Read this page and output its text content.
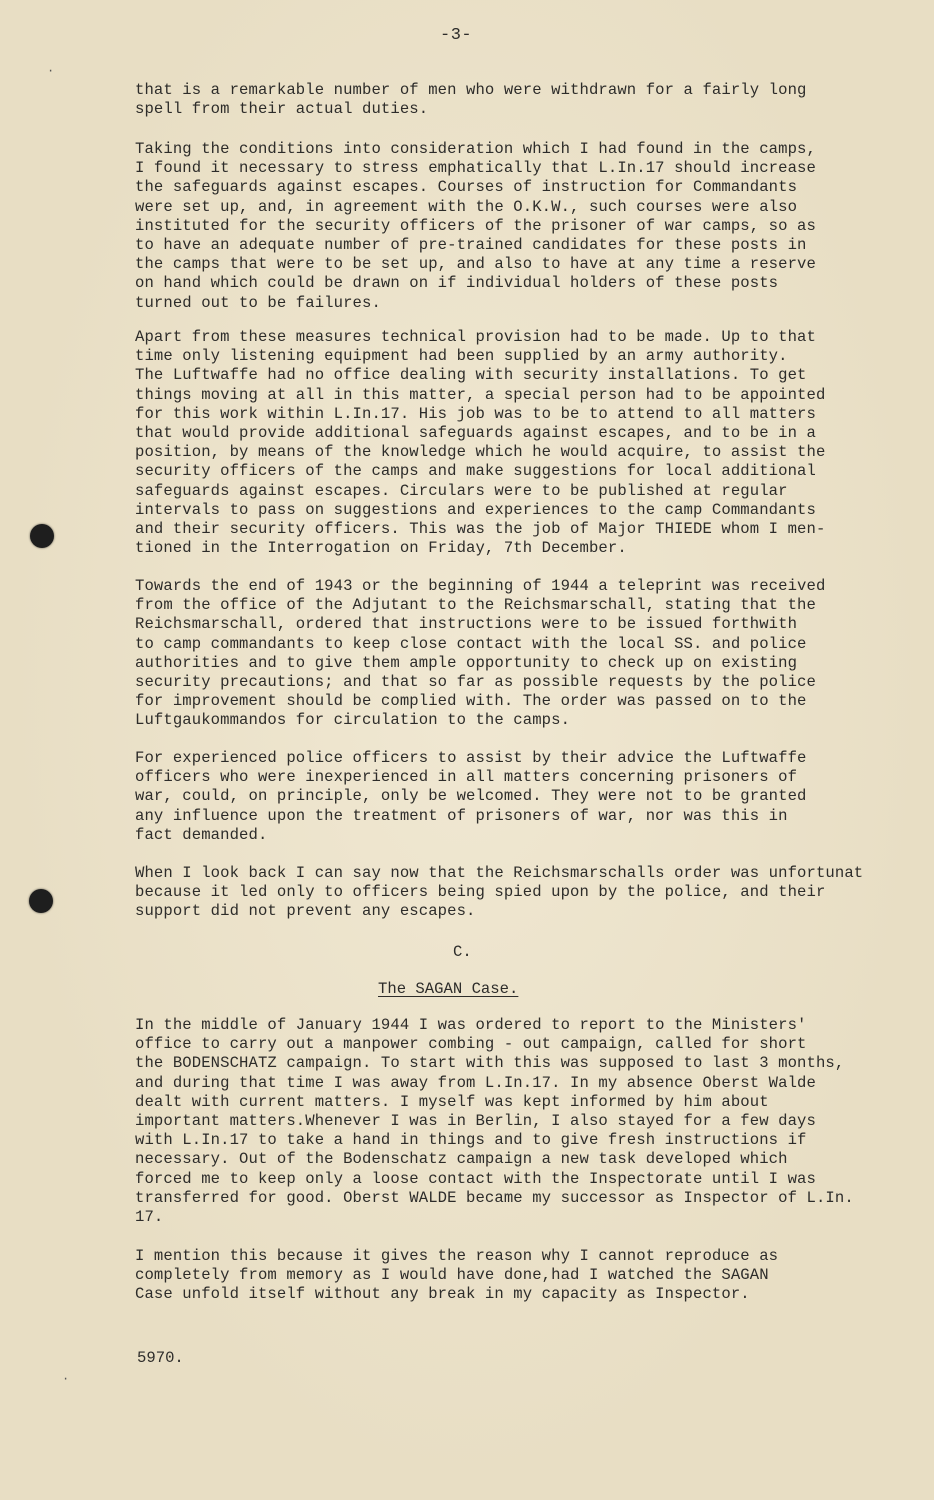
-3-
·
·

that is a remarkable number of men who were withdrawn for a fairly long
spell from their actual duties.

Taking the conditions into consideration which I had found in the camps,
I found it necessary to stress emphatically that L.In.17 should increase
the safeguards against escapes. Courses of instruction for Commandants
were set up, and, in agreement with the O.K.W., such courses were also
instituted for the security officers of the prisoner of war camps, so as
to have an adequate number of pre-trained candidates for these posts in
the camps that were to be set up, and also to have at any time a reserve
on hand which could be drawn on if individual holders of these posts
turned out to be failures.

Apart from these measures technical provision had to be made. Up to that
time only listening equipment had been supplied by an army authority.
The Luftwaffe had no office dealing with security installations. To get
things moving at all in this matter, a special person had to be appointed
for this work within L.In.17. His job was to be to attend to all matters
that would provide additional safeguards against escapes, and to be in a
position, by means of the knowledge which he would acquire, to assist the
security officers of the camps and make suggestions for local additional
safeguards against escapes. Circulars were to be published at regular
intervals to pass on suggestions and experiences to the camp Commandants
and their security officers. This was the job of Major THIEDE whom I men-
tioned in the Interrogation on Friday, 7th December.

Towards the end of 1943 or the beginning of 1944 a teleprint was received
from the office of the Adjutant to the Reichsmarschall, stating that the
Reichsmarschall, ordered that instructions were to be issued forthwith
to camp commandants to keep close contact with the local SS. and police
authorities and to give them ample opportunity to check up on existing
security precautions; and that so far as possible requests by the police
for improvement should be complied with. The order was passed on to the
Luftgaukommandos for circulation to the camps.

For experienced police officers to assist by their advice the Luftwaffe
officers who were inexperienced in all matters concerning prisoners of
war, could, on principle, only be welcomed. They were not to be granted
any influence upon the treatment of prisoners of war, nor was this in
fact demanded.

When I look back I can say now that the Reichsmarschalls order was unfortunat
because it led only to officers being spied upon by the police, and their
support did not prevent any escapes.

C.
The SAGAN Case.

In the middle of January 1944 I was ordered to report to the Ministers'
office to carry out a manpower combing - out campaign, called for short
the BODENSCHATZ campaign. To start with this was supposed to last 3 months,
and during that time I was away from L.In.17. In my absence Oberst Walde
dealt with current matters. I myself was kept informed by him about
important matters.Whenever I was in Berlin, I also stayed for a few days
with L.In.17 to take a hand in things and to give fresh instructions if
necessary. Out of the Bodenschatz campaign a new task developed which
forced me to keep only a loose contact with the Inspectorate until I was
transferred for good. Oberst WALDE became my successor as Inspector of L.In.
17.

I mention this because it gives the reason why I cannot reproduce as
completely from memory as I would have done,had I watched the SAGAN
Case unfold itself without any break in my capacity as Inspector.

5970.
